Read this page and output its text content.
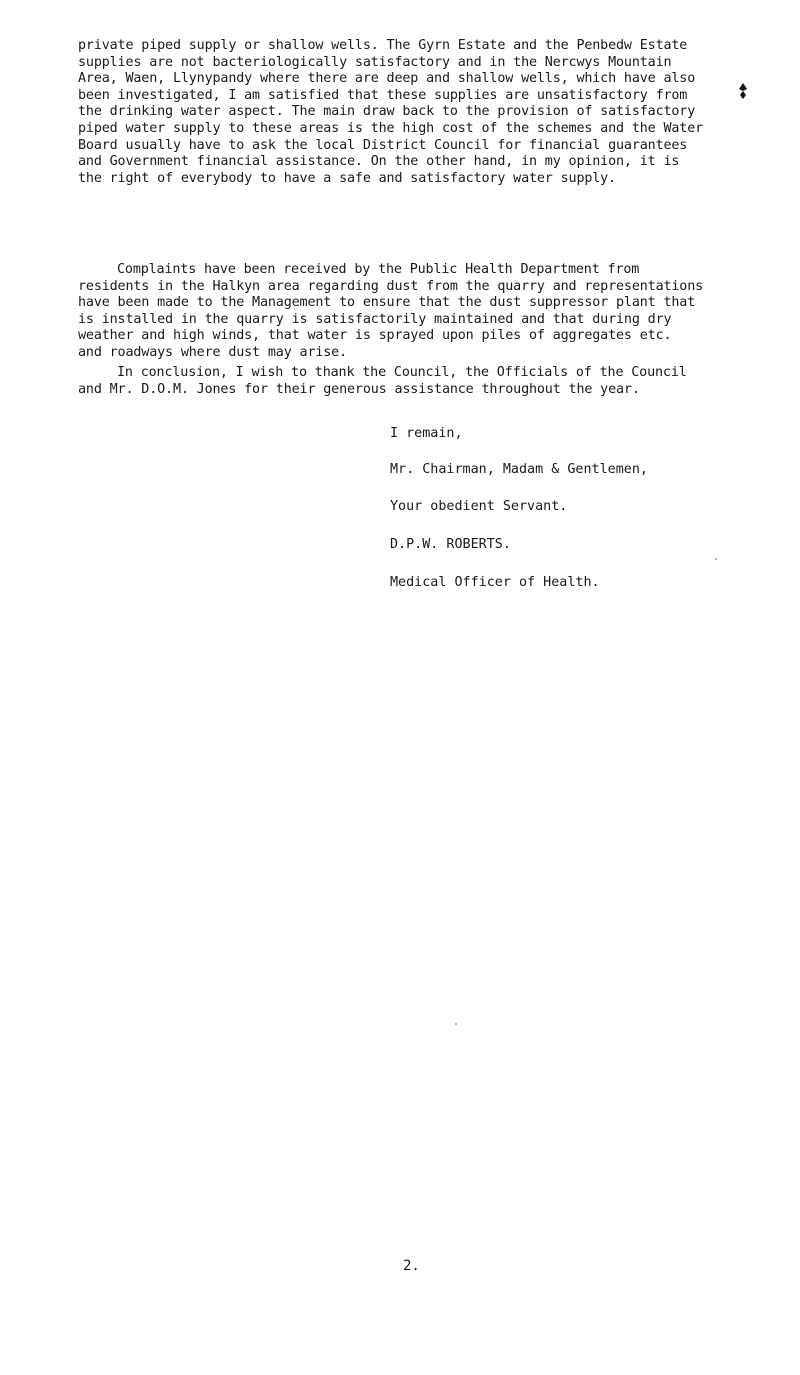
private piped supply or shallow wells. The Gyrn Estate and the Penbedw Estate
supplies are not bacteriologically satisfactory and in the Nercwys Mountain
Area, Waen, Llynypandy where there are deep and shallow wells, which have also
been investigated, I am satisfied that these supplies are unsatisfactory from
the drinking water aspect. The main draw back to the provision of satisfactory
piped water supply to these areas is the high cost of the schemes and the Water
Board usually have to ask the local District Council for financial guarantees
and Government financial assistance. On the other hand, in my opinion, it is
the right of everybody to have a safe and satisfactory water supply.
Complaints have been received by the Public Health Department from
residents in the Halkyn area regarding dust from the quarry and representations
have been made to the Management to ensure that the dust suppressor plant that
is installed in the quarry is satisfactorily maintained and that during dry
weather and high winds, that water is sprayed upon piles of aggregates etc.
and roadways where dust may arise.
In conclusion, I wish to thank the Council, the Officials of the Council
and Mr. D.O.M. Jones for their generous assistance throughout the year.
I remain,
Mr. Chairman, Madam & Gentlemen,
Your obedient Servant.
D.P.W. ROBERTS.
Medical Officer of Health.
2.
